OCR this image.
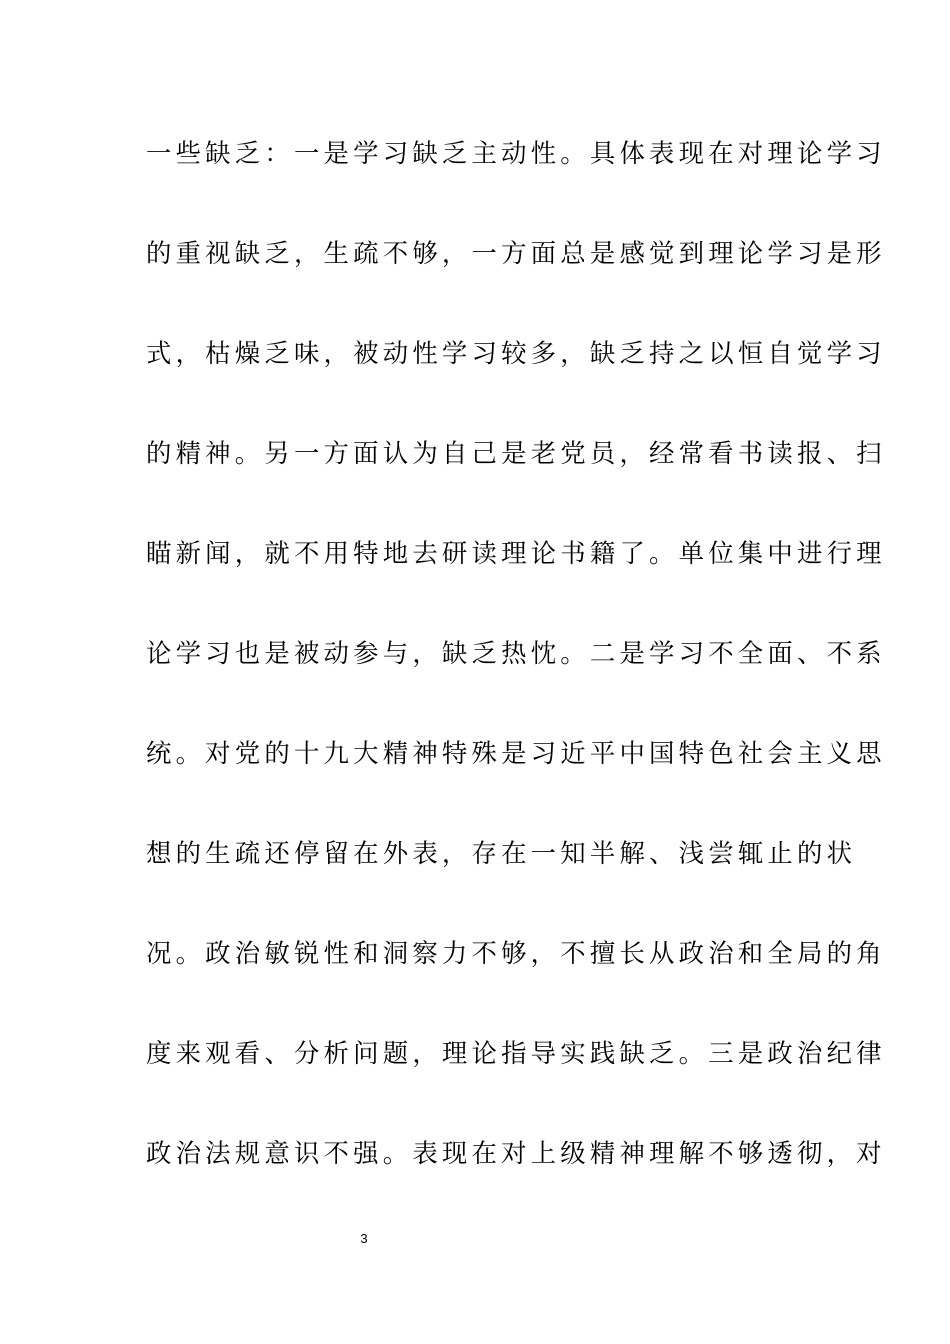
一些缺乏：一是学习缺乏主动性。具体表现在对理论学习
的重视缺乏，生疏不够，一方面总是感觉到理论学习是形
式，枯燥乏味，被动性学习较多，缺乏持之以恒自觉学习
的精神。另一方面认为自己是老党员，经常看书读报、扫
瞄新闻，就不用特地去研读理论书籍了。单位集中进行理
论学习也是被动参与，缺乏热忱。二是学习不全面、不系
统。对党的十九大精神特殊是习近平中国特色社会主义思
想的生疏还停留在外表，存在一知半解、浅尝辄止的状
况。政治敏锐性和洞察力不够，不擅长从政治和全局的角
度来观看、分析问题，理论指导实践缺乏。三是政治纪律
政治法规意识不强。表现在对上级精神理解不够透彻，对
3
